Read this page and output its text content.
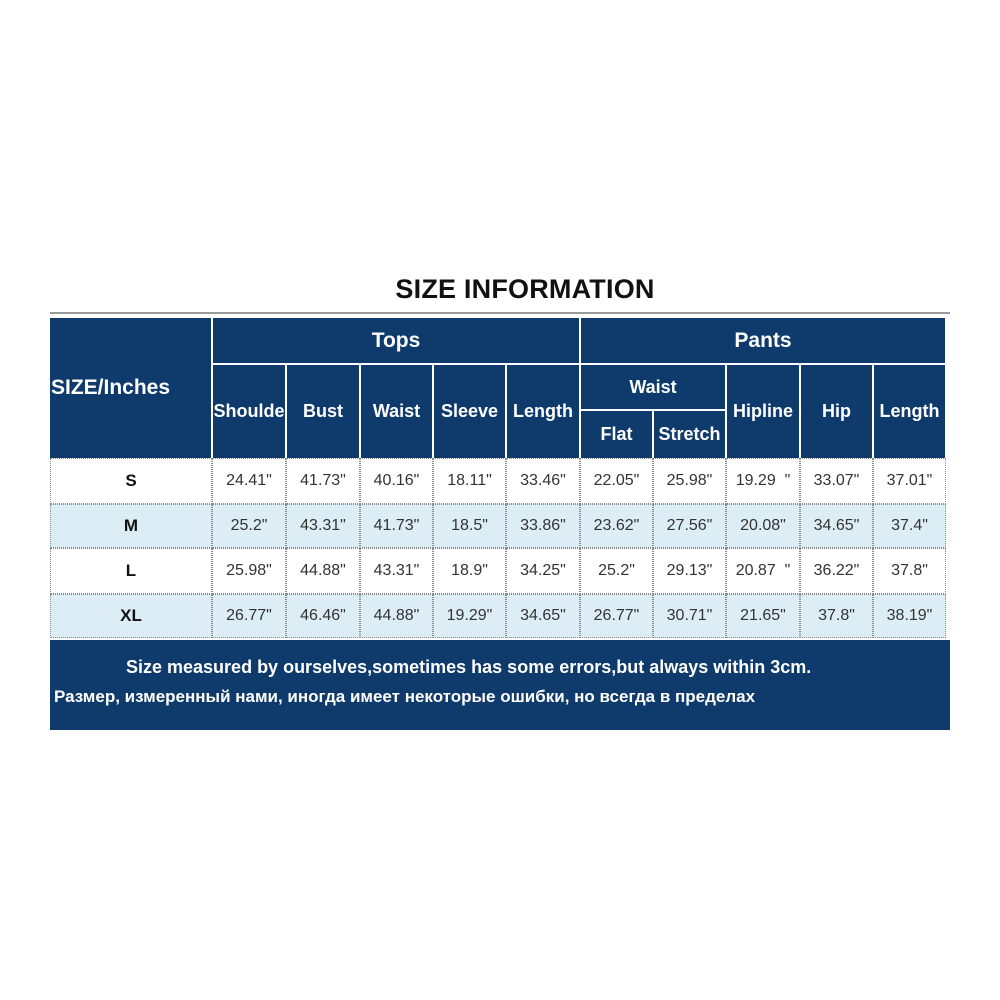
SIZE INFORMATION
SIZE/Inches
Tops	Pants
Shoulde	Bust	Waist	Sleeve Length
Waist
Flat	Stretch
Hipline	Hip	Length
S	24.41"	41.73"	40.16"	18.11"	33.46"	22.05"	25.98"	19.29  "	33.07"	37.01"
M	25.2"	43.31"	41.73"	18.5"	33.86"	23.62"	27.56"	20.08"	34.65"	37.4"
L	25.98"	44.88"	43.31"	18.9"	34.25"	25.2"	29.13"	20.87  "	36.22"	37.8"
XL	26.77"	46.46"	44.88"	19.29"	34.65"	26.77"	30.71"	21.65"	37.8"	38.19"
Size measured by ourselves,sometimes has some errors,but always within 3cm.
Размер, измеренный нами, иногда имеет некоторые ошибки, но всегда в пределах
